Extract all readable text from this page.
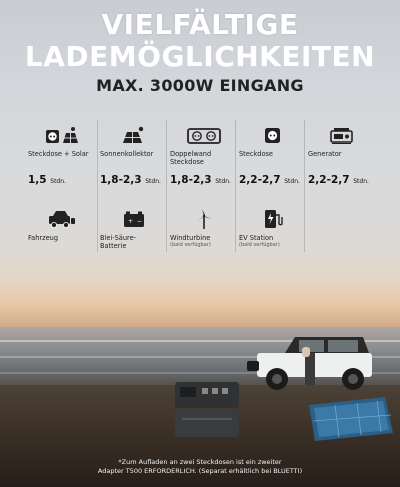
VIELFÄLTIGE
LADEMÖGLICHKEITEN
MAX. 3000W EINGANG
Steckdose + Solar
1,5 Stdn.
Sonnenkollektor
1,8-2,3 Stdn.
Doppelwand Steckdose
1,8-2,3 Stdn.
Steckdose
2,2-2,7 Stdn.
Generator
2,2-2,7 Stdn.
Fahrzeug
+ −
Blei-Säure-Batterie
Windturbine
(bald verfügbar)
EV Station
(bald verfügbar)
*Zum Aufladen an zwei Steckdosen ist ein zweiter
Adapter T500 ERFORDERLICH. (Separat erhältlich bei BLUETTI)
